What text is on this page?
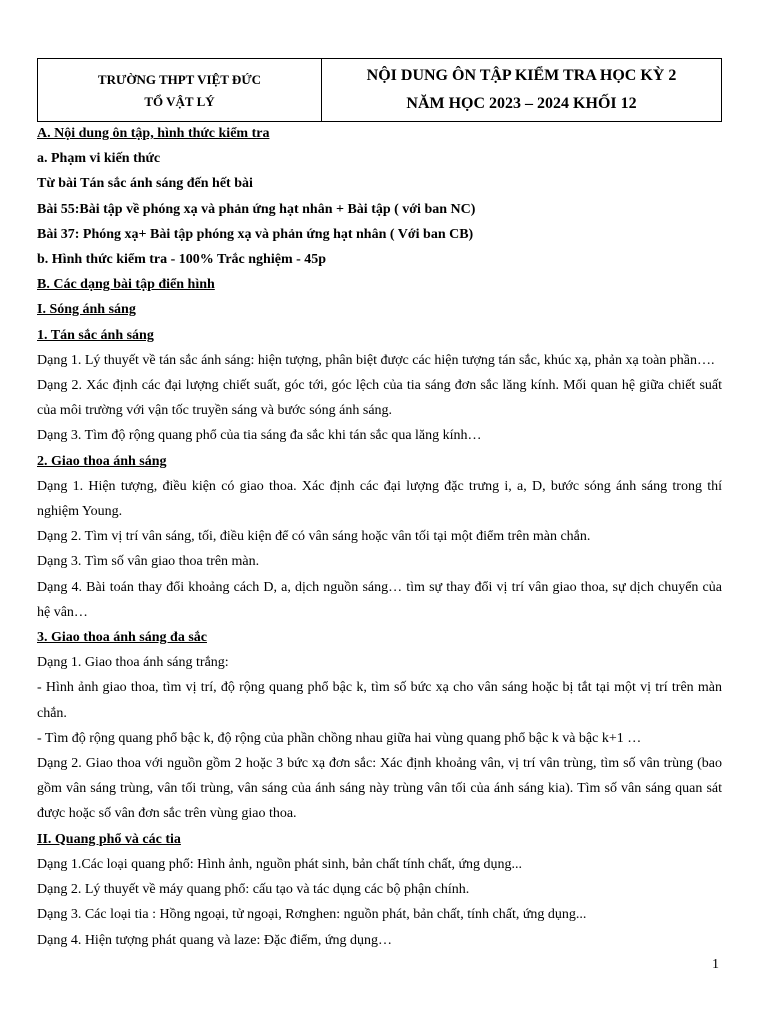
TRƯỜNG THPT VIỆT ĐỨC
TỔ VẬT LÝ
NỘI DUNG ÔN TẬP KIỂM TRA HỌC KỲ 2
NĂM HỌC 2023 – 2024 KHỐI 12
A. Nội dung ôn tập, hình thức kiểm tra
a. Phạm vi kiến thức
Từ bài Tán sắc ánh sáng đến hết bài
Bài 55:Bài tập về phóng xạ và phản ứng hạt nhân + Bài tập ( với ban NC)
Bài 37: Phóng xạ+ Bài tập phóng xạ và phản ứng hạt nhân ( Với ban CB)
b. Hình thức kiểm tra - 100% Trắc nghiệm - 45p
B. Các dạng bài tập điển hình
I. Sóng ánh sáng
1. Tán sắc ánh sáng
Dạng 1. Lý thuyết về tán sắc ánh sáng: hiện tượng, phân biệt được các hiện tượng tán sắc, khúc xạ, phản xạ toàn phần….
Dạng 2. Xác định các đại lượng chiết suất, góc tới, góc lệch của tia sáng đơn sắc lăng kính. Mối quan hệ giữa chiết suất của môi trường với vận tốc truyền sáng và bước sóng ánh sáng.
Dạng 3. Tìm độ rộng quang phổ của tia sáng đa sắc khi tán sắc qua lăng kính…
2. Giao thoa ánh sáng
Dạng 1. Hiện tượng, điều kiện có giao thoa. Xác định các đại lượng đặc trưng i, a, D, bước sóng ánh sáng trong thí nghiệm Young.
Dạng 2. Tìm vị trí vân sáng, tối, điều kiện để có vân sáng hoặc vân tối tại một điểm trên màn chắn.
Dạng 3. Tìm số vân giao thoa trên màn.
Dạng 4. Bài toán thay đổi khoảng cách D, a, dịch nguồn sáng… tìm sự thay đổi vị trí vân giao thoa, sự dịch chuyển của hệ vân…
3. Giao thoa ánh sáng đa sắc
Dạng 1. Giao thoa ánh sáng trắng:
- Hình ảnh giao thoa, tìm vị trí, độ rộng quang phổ bậc k, tìm số bức xạ cho vân sáng hoặc bị tắt tại một vị trí trên màn chắn.
- Tìm độ rộng quang phổ bậc k, độ rộng của phần chồng nhau giữa hai vùng quang phổ bậc k và bậc k+1 …
Dạng 2. Giao thoa với nguồn gồm 2 hoặc 3 bức xạ đơn sắc: Xác định khoảng vân, vị trí vân trùng, tìm số vân trùng (bao gồm vân sáng trùng, vân tối trùng, vân sáng của ánh sáng này trùng vân tối của ánh sáng kia). Tìm số vân sáng quan sát được hoặc số vân đơn sắc trên vùng giao thoa.
II. Quang phổ và các tia
Dạng 1.Các loại quang phổ: Hình ảnh, nguồn phát sinh, bản chất tính chất, ứng dụng...
Dạng 2. Lý thuyết về máy quang phổ: cấu tạo và tác dụng các bộ phận chính.
Dạng 3. Các loại tia : Hồng ngoại, tử ngoại, Rơnghen: nguồn phát, bản chất, tính chất, ứng dụng...
Dạng 4. Hiện tượng phát quang và laze: Đặc điểm, ứng dụng…
1
